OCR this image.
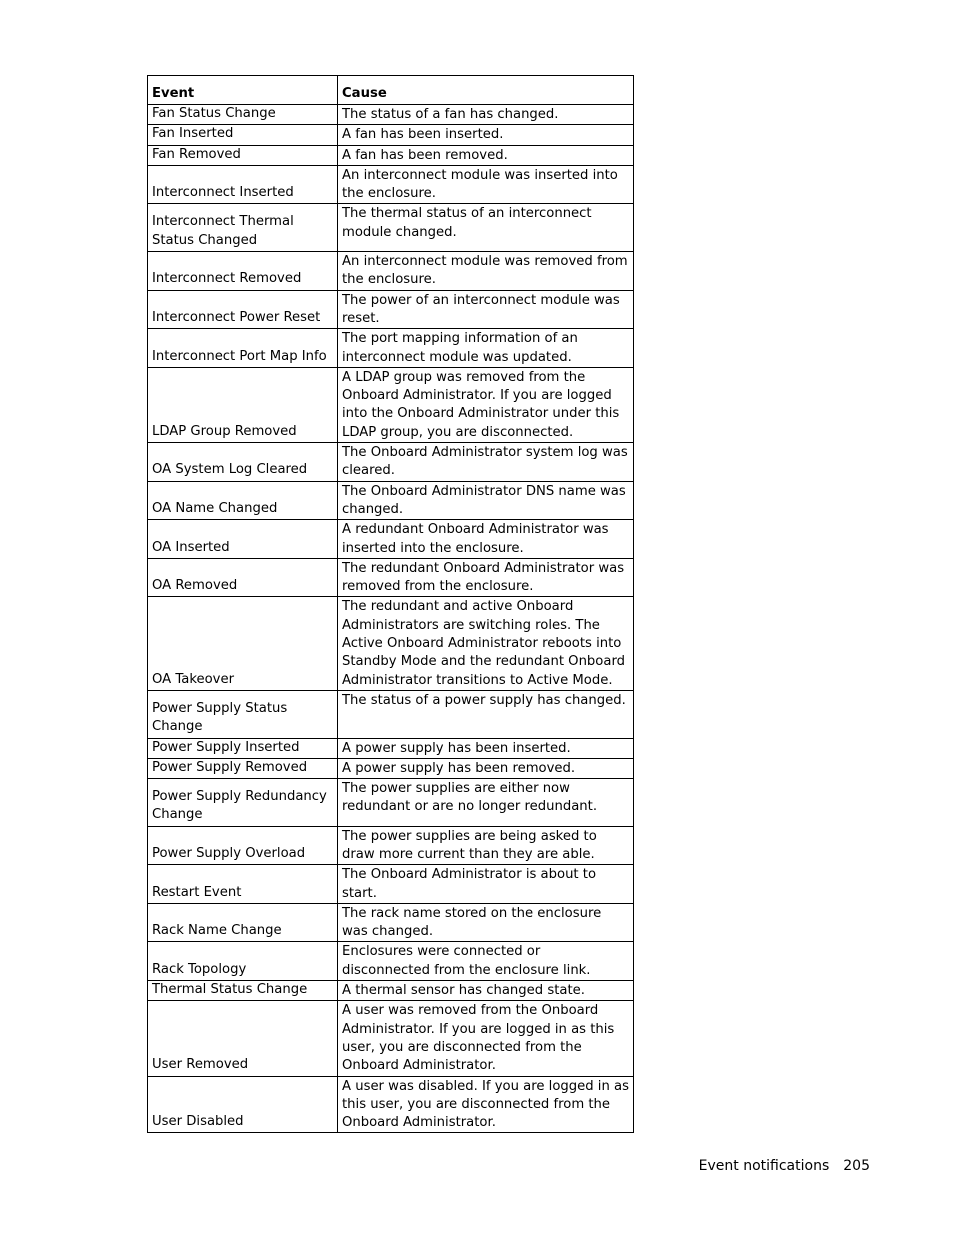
Event	Cause
Fan Status Change	The status of a fan has changed.
Fan Inserted	A fan has been inserted.
Fan Removed	A fan has been removed.
Interconnect Inserted	An interconnect module was inserted into the enclosure.
Interconnect Thermal Status Changed	The thermal status of an interconnect module changed.
Interconnect Removed	An interconnect module was removed from the enclosure.
Interconnect Power Reset	The power of an interconnect module was reset.
Interconnect Port Map Info	The port mapping information of an interconnect module was updated.
LDAP Group Removed	A LDAP group was removed from the Onboard Administrator. If you are logged into the Onboard Administrator under this LDAP group, you are disconnected.
OA System Log Cleared	The Onboard Administrator system log was cleared.
OA Name Changed	The Onboard Administrator DNS name was changed.
OA Inserted	A redundant Onboard Administrator was inserted into the enclosure.
OA Removed	The redundant Onboard Administrator was removed from the enclosure.
OA Takeover	The redundant and active Onboard Administrators are switching roles. The Active Onboard Administrator reboots into Standby Mode and the redundant Onboard Administrator transitions to Active Mode.
Power Supply Status Change	The status of a power supply has changed.
Power Supply Inserted	A power supply has been inserted.
Power Supply Removed	A power supply has been removed.
Power Supply Redundancy Change	The power supplies are either now redundant or are no longer redundant.
Power Supply Overload	The power supplies are being asked to draw more current than they are able.
Restart Event	The Onboard Administrator is about to start.
Rack Name Change	The rack name stored on the enclosure was changed.
Rack Topology	Enclosures were connected or disconnected from the enclosure link.
Thermal Status Change	A thermal sensor has changed state.
User Removed	A user was removed from the Onboard Administrator. If you are logged in as this user, you are disconnected from the Onboard Administrator.
User Disabled	A user was disabled. If you are logged in as this user, you are disconnected from the Onboard Administrator.
Event notifications 205
